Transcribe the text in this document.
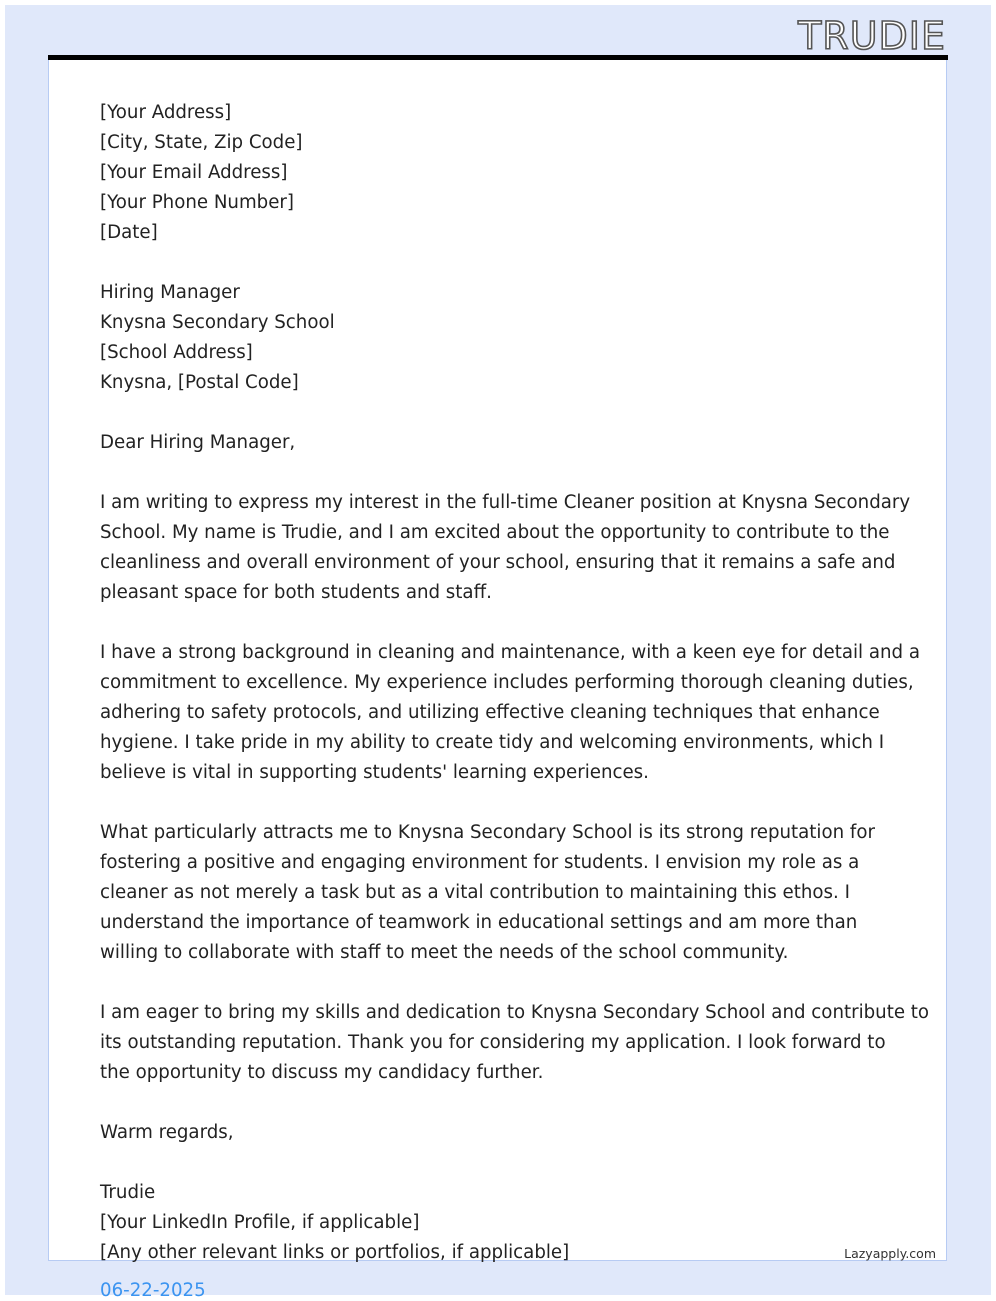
TRUDIE
[Your Address]
[City, State, Zip Code]
[Your Email Address]
[Your Phone Number]
[Date]
Hiring Manager
Knysna Secondary School
[School Address]
Knysna, [Postal Code]
Dear Hiring Manager,
I am writing to express my interest in the full-time Cleaner position at Knysna Secondary
School. My name is Trudie, and I am excited about the opportunity to contribute to the
cleanliness and overall environment of your school, ensuring that it remains a safe and
pleasant space for both students and staff.
I have a strong background in cleaning and maintenance, with a keen eye for detail and a
commitment to excellence. My experience includes performing thorough cleaning duties,
adhering to safety protocols, and utilizing effective cleaning techniques that enhance
hygiene. I take pride in my ability to create tidy and welcoming environments, which I
believe is vital in supporting students' learning experiences.
What particularly attracts me to Knysna Secondary School is its strong reputation for
fostering a positive and engaging environment for students. I envision my role as a
cleaner as not merely a task but as a vital contribution to maintaining this ethos. I
understand the importance of teamwork in educational settings and am more than
willing to collaborate with staff to meet the needs of the school community.
I am eager to bring my skills and dedication to Knysna Secondary School and contribute to
its outstanding reputation. Thank you for considering my application. I look forward to
the opportunity to discuss my candidacy further.
Warm regards,
Trudie
[Your LinkedIn Profile, if applicable]
[Any other relevant links or portfolios, if applicable]	Lazyapply.com
06-22-2025
